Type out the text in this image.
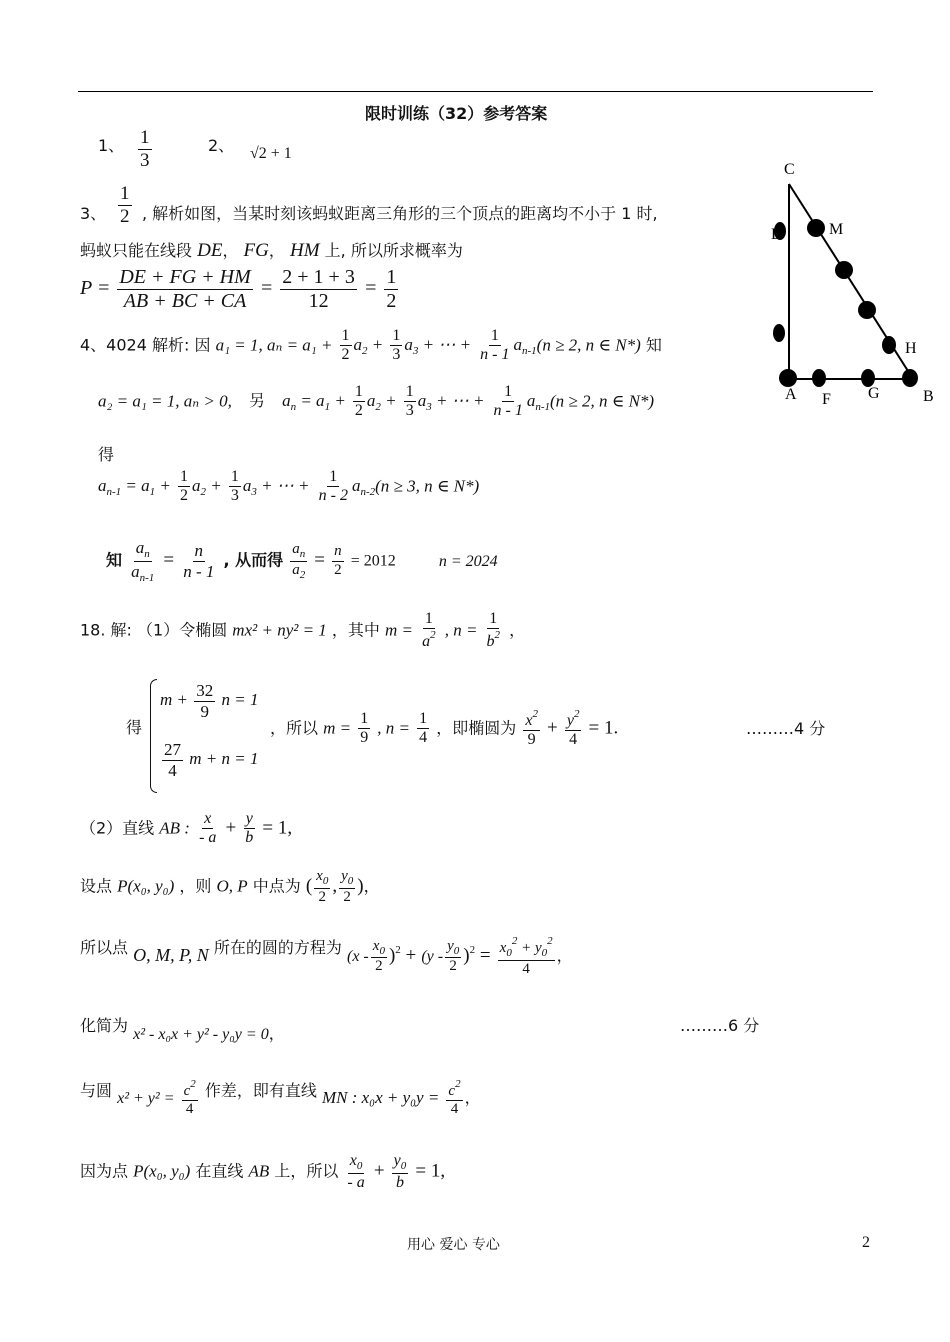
限时训练（32）参考答案
1、 $\frac{1}{3}$	2、 √2 + 1
3、 $\frac{1}{2}$ , 解析如图，当某时刻该蚂蚁距离三角形的三个顶点的距离均不小于 1 时,
蚂蚁只能在线段 DE， FG， HM 上, 所以所求概率为
$P = \frac{DE + FG + HM}{AB + BC + CA} = \frac{2 + 1 + 3}{12} = \frac{1}{2}$
C
D	M
H
A F G	B
4、4024 解析: 因 a₁ = 1, $a_n = a_1 + \frac{1}{2} a_2 + \frac{1}{3} a_3$ + ⋯ + $\frac{1}{n - 1} a_{n-1}(n \ge 2$, n ∈ N*) 知
a₂ = a₁ = 1, aₙ > 0, 另 $a_n = a_1 + \frac{1}{2} a_2 + \frac{1}{3} a_3$ + ⋯ + $\frac{1}{n - 1} a_{n-1}(n \ge 2$, n ∈ N*)
得
$a_{n-1} = a_1 + \frac{1}{2} a_2 + \frac{1}{3} a_3$ + ⋯ + $\frac{1}{n - 2} a_{n-2}(n \ge 3$, n ∈ N*)
知 $\frac{a_n}{a_{n-1}} = \frac{n}{n - 1}$ , 从而得 $\frac{a_n}{a_2} = \frac{n}{2} = 2012$	n = 2024
18. 解: （1）令椭圆 mx² + ny² = 1 ，其中 $m = \frac{1}{a^2}$ , $n = \frac{1}{b^2}$ ，
得
$m + \frac{32}{9}$ n = 1
$\frac{27}{4}$ m + n = 1
，所以 $m = \frac{1}{9}$ , $n = \frac{1}{4}$ ，即椭圆为 $\frac{x^2}{9} + \frac{y^2}{4} = 1$.	………4 分
（2）直线 AB : $\frac{x}{- a} + \frac{y}{b} = 1$,
设点 P(x₀, y₀) ，则 O, P 中点为 ( $\frac{x_0}{2}$ , $\frac{y_0}{2}$ )，
所以点 O, M, P, N 所在的圆的方程为 $(x - \frac{x_0}{2} )^2 + (y - \frac{y_0}{2} )^2 = \frac{x_0^2 + y_0^2}{4}$ ，
化简为 x² - x₀x + y² - y₀y = 0，	………6 分
与圆 $x^2 + y^2 = \frac{c^2}{4}$ 作差，即有直线 MN : $x_0x + y_0y = \frac{c^2}{4}$ ，
因为点 P(x₀, y₀) 在直线 AB 上，所以 $\frac{x_0}{- a} + \frac{y_0}{b} = 1$,
用心 爱心 专心	2
